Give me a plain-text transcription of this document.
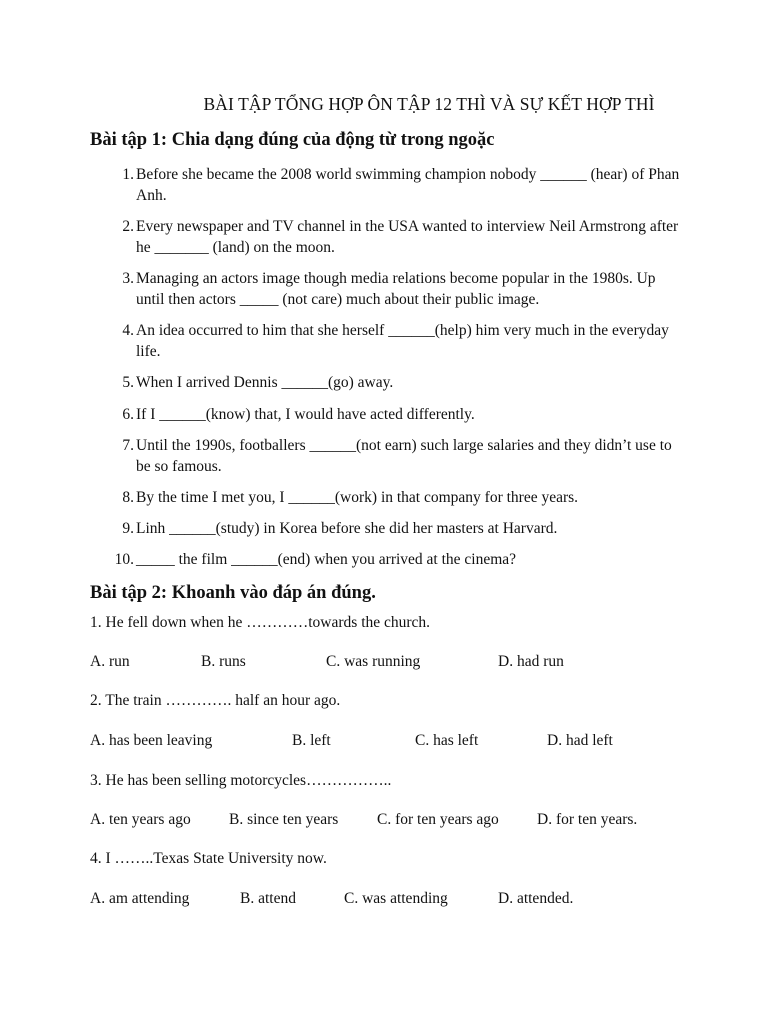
BÀI TẬP TỔNG HỢP ÔN TẬP 12 THÌ VÀ SỰ KẾT HỢP THÌ
Bài tập 1: Chia dạng đúng của động từ trong ngoặc
1. Before she became the 2008 world swimming champion nobody ______ (hear) of Phan Anh.
2. Every newspaper and TV channel in the USA wanted to interview Neil Armstrong after he _______ (land) on the moon.
3. Managing an actors image though media relations become popular in the 1980s. Up until then actors _____ (not care) much about their public image.
4. An idea occurred to him that she herself ______(help) him very much in the everyday life.
5. When I arrived Dennis ______(go) away.
6. If I ______(know) that, I would have acted differently.
7. Until the 1990s, footballers ______(not earn) such large salaries and they didn’t use to be so famous.
8. By the time I met you, I ______(work) in that company for three years.
9. Linh ______(study) in Korea before she did her masters at Harvard.
10. _____ the film ______(end) when you arrived at the cinema?
Bài tập 2: Khoanh vào đáp án đúng.
1. He fell down when he …………towards the church.
A. run	B. runs	C. was running	D. had run
2. The train …………. half an hour ago.
A. has been leaving	B. left	C. has left	D. had left
3. He has been selling motorcycles……………..
A. ten years ago B. since ten years C. for ten years ago D. for ten years.
4. I ……..Texas State University now.
A. am attending	B. attend	C. was attending	D. attended.
